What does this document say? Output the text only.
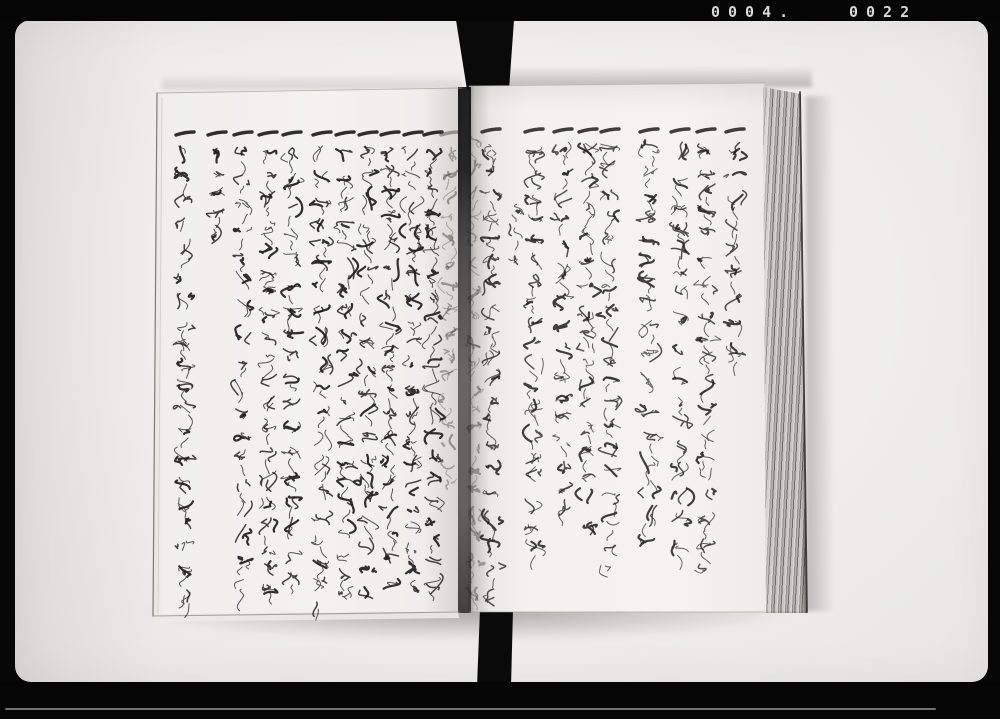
0004.	0022
